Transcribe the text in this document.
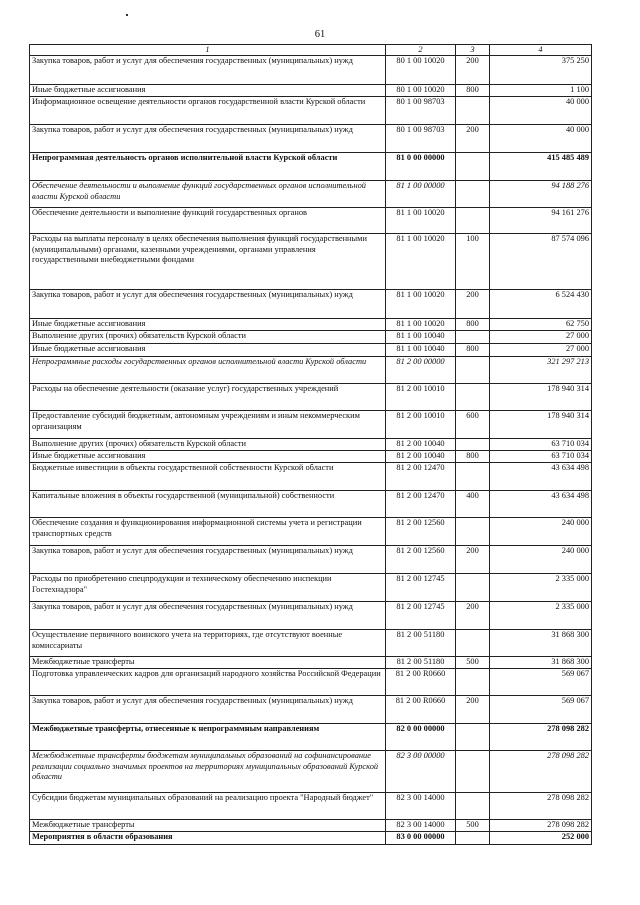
61
1	2	3	4
Закупка товаров, работ и услуг для обеспечения государственных (муниципальных) нужд	80 1 00 10020	200	375 250
Иные бюджетные ассигнования	80 1 00 10020	800	1 100
Информационное освещение деятельности органов государственной власти Курской области	80 1 00 98703		40 000
Закупка товаров, работ и услуг для обеспечения государственных (муниципальных) нужд	80 1 00 98703	200	40 000
Непрограммная деятельность органов исполнительной власти Курской области	81 0 00 00000		415 485 489
Обеспечение деятельности и выполнение функций государственных органов исполнительной власти Курской области	81 1 00 00000		94 188 276
Обеспечение деятельности и выполнение функций государственных органов	81 1 00 10020		94 161 276
Расходы на выплаты персоналу в целях обеспечения выполнения функций государственными (муниципальными) органами, казенными учреждениями, органами управления государственными внебюджетными фондами	81 1 00 10020	100	87 574 096
Закупка товаров, работ и услуг для обеспечения государственных (муниципальных) нужд	81 1 00 10020	200	6 524 430
Иные бюджетные ассигнования	81 1 00 10020	800	62 750
Выполнение других (прочих) обязательств Курской области	81 1 00 10040		27 000
Иные бюджетные ассигнования	81 1 00 10040	800	27 000
Непрограммные расходы государственных органов исполнительной власти Курской области	81 2 00 00000		321 297 213
Расходы на обеспечение деятельности (оказание услуг) государственных учреждений	81 2 00 10010		178 940 314
Предоставление субсидий бюджетным, автономным учреждениям и иным некоммерческим организациям	81 2 00 10010	600	178 940 314
Выполнение других (прочих) обязательств Курской области	81 2 00 10040		63 710 034
Иные бюджетные ассигнования	81 2 00 10040	800	63 710 034
Бюджетные инвестиции в объекты государственной собственности Курской области	81 2 00 12470		43 634 498
Капитальные вложения в объекты государственной (муниципальной) собственности	81 2 00 12470	400	43 634 498
Обеспечение создания и функционирования информационной системы учета и регистрации транспортных средств	81 2 00 12560		240 000
Закупка товаров, работ и услуг для обеспечения государственных (муниципальных) нужд	81 2 00 12560	200	240 000
Расходы по приобретению спецпродукции и техническому обеспечению инспекции Гостехнадзора"	81 2 00 12745		2 335 000
Закупка товаров, работ и услуг для обеспечения государственных (муниципальных) нужд	81 2 00 12745	200	2 335 000
Осуществление первичного воинского учета на территориях, где отсутствуют военные комиссариаты	81 2 00 51180		31 868 300
Межбюджетные трансферты	81 2 00 51180	500	31 868 300
Подготовка управленческих кадров для организаций народного хозяйства Российской Федерации	81 2 00 R0660		569 067
Закупка товаров, работ и услуг для обеспечения государственных (муниципальных) нужд	81 2 00 R0660	200	569 067
Межбюджетные трансферты, отнесенные к непрограммным направлениям	82 0 00 00000		278 098 282
Межбюджетные трансферты бюджетам муниципальных образований на софинансирование реализации социально значимых проектов на территориях муниципальных образований Курской области	82 3 00 00000		278 098 282
Субсидии бюджетам муниципальных образований на реализацию проекта "Народный бюджет"	82 3 00 14000		278 098 282
Межбюджетные трансферты	82 3 00 14000	500	278 098 282
Мероприятия в области образования	83 0 00 00000		252 000
